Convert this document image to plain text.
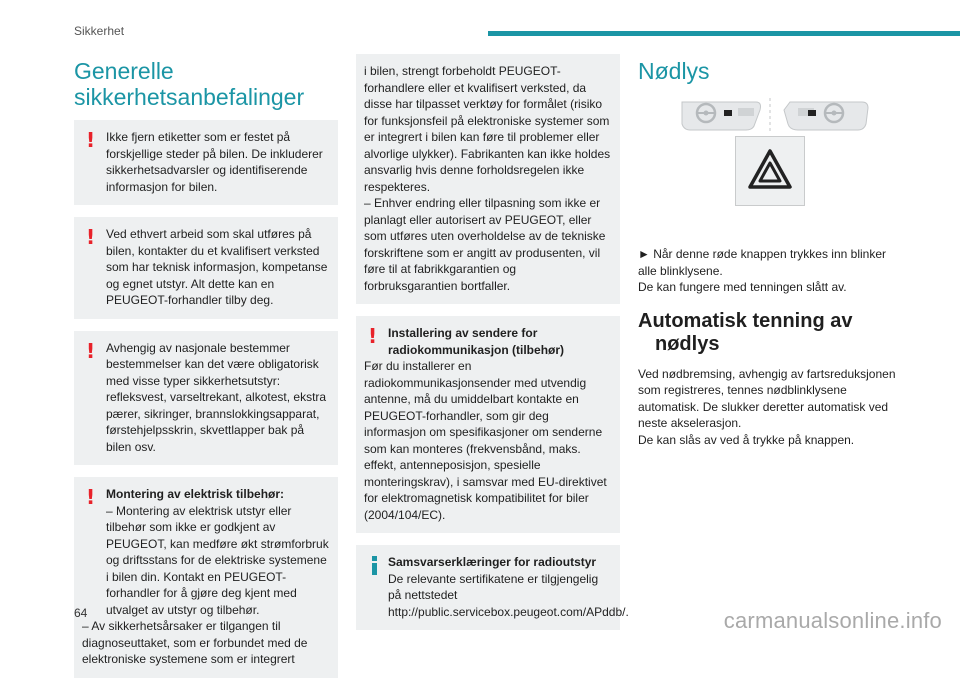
Sikkerhet
Generelle
sikkerhetsanbefalinger
! Ikke fjern etiketter som er festet på forskjellige steder på bilen. De inkluderer sikkerhetsadvarsler og identifiserende informasjon for bilen.

! Ved ethvert arbeid som skal utføres på bilen, kontakter du et kvalifisert verksted som har teknisk informasjon, kompetanse og egnet utstyr. Alt dette kan en PEUGEOT-forhandler tilby deg.

! Avhengig av nasjonale bestemmer bestemmelser kan det være obligatorisk med visse typer sikkerhetsutstyr: refleksvest, varseltrekant, alkotest, ekstra pærer, sikringer, brannslokkingsapparat, førstehjelpsskrin, skvettlapper bak på bilen osv.

! Montering av elektrisk tilbehør:

– Montering av elektrisk utstyr eller tilbehør som ikke er godkjent av PEUGEOT, kan medføre økt strømforbruk og driftsstans for de elektriske systemene i bilen din. Kontakt en PEUGEOT-forhandler for å gjøre deg kjent med utvalget av utstyr og tilbehør.

– Av sikkerhetsårsaker er tilgangen til diagnoseuttaket, som er forbundet med de elektroniske systemene som er integrert

i bilen, strengt forbeholdt PEUGEOT-forhandlere eller et kvalifisert verksted, da disse har tilpasset verktøy for formålet (risiko for funksjonsfeil på elektroniske systemer som er integrert i bilen kan føre til problemer eller alvorlige ulykker). Fabrikanten kan ikke holdes ansvarlig hvis denne forholdsregelen ikke respekteres.

– Enhver endring eller tilpasning som ikke er planlagt eller autorisert av PEUGEOT, eller som utføres uten overholdelse av de tekniske forskriftene som er angitt av produsenten, vil føre til at fabrikkgarantien og forbruksgarantien bortfaller.

! Installering av sendere for radiokommunikasjon (tilbehør)

Før du installerer en radiokommunikasjonsender med utvendig antenne, må du umiddelbart kontakte en PEUGEOT-forhandler, som gir deg informasjon om spesifikasjoner om senderne som kan monteres (frekvensbånd, maks. effekt, antenneposisjon, spesielle monteringskrav), i samsvar med EU-direktivet for elektromagnetisk kompatibilitet for biler (2004/104/EC).

Samsvarserklæringer for radioutstyr

De relevante sertifikatene er tilgjengelig på nettstedet http://public.servicebox.peugeot.com/APddb/.

Nødlys

► Når denne røde knappen trykkes inn blinker alle blinklysene.

De kan fungere med tenningen slått av.

Automatisk tenning av
nødlys

Ved nødbremsing, avhengig av fartsreduksjonen som registreres, tennes nødblinklysene automatisk. De slukker deretter automatisk ved neste akselerasjon.

De kan slås av ved å trykke på knappen.

64	carmanualsonline.info
